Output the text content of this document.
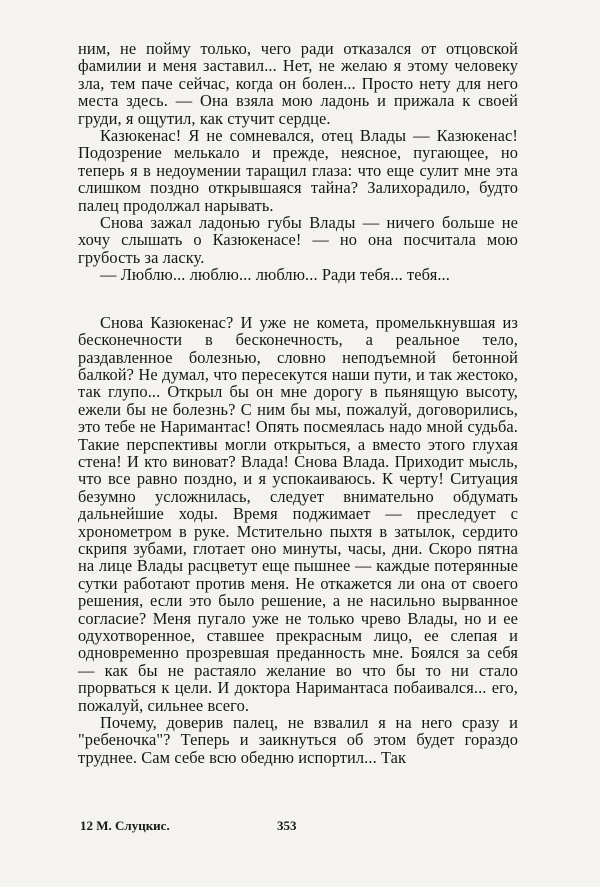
ним, не пойму только, чего ради отказался от отцовской фамилии и меня заставил... Нет, не желаю я этому человеку зла, тем паче сейчас, когда он болен... Просто нету для него места здесь. — Она взяла мою ладонь и прижала к своей груди, я ощутил, как стучит сердце.

Казюкенас! Я не сомневался, отец Влады — Казюкенас! Подозрение мелькало и прежде, неясное, пугающее, но теперь я в недоумении таращил глаза: что еще сулит мне эта слишком поздно открывшаяся тайна? Залихорадило, будто палец продолжал нарывать.

Снова зажал ладонью губы Влады — ничего больше не хочу слышать о Казюкенасе! — но она посчитала мою грубость за ласку.

— Люблю... люблю... люблю... Ради тебя... тебя...

Снова Казюкенас? И уже не комета, промелькнувшая из бесконечности в бесконечность, а реальное тело, раздавленное болезнью, словно неподъемной бетонной балкой? Не думал, что пересекутся наши пути, и так жестоко, так глупо... Открыл бы он мне дорогу в пьянящую высоту, ежели бы не болезнь? С ним бы мы, пожалуй, договорились, это тебе не Наримантас! Опять посмеялась надо мной судьба. Такие перспективы могли открыться, а вместо этого глухая стена! И кто виноват? Влада! Снова Влада. Приходит мысль, что все равно поздно, и я успокаиваюсь. К черту! Ситуация безумно усложнилась, следует внимательно обдумать дальнейшие ходы. Время поджимает — преследует с хронометром в руке. Мстительно пыхтя в затылок, сердито скрипя зубами, глотает оно минуты, часы, дни. Скоро пятна на лице Влады расцветут еще пышнее — каждые потерянные сутки работают против меня. Не откажется ли она от своего решения, если это было решение, а не насильно вырванное согласие? Меня пугало уже не только чрево Влады, но и ее одухотворенное, ставшее прекрасным лицо, ее слепая и одновременно прозревшая преданность мне. Боялся за себя — как бы не растаяло желание во что бы то ни стало прорваться к цели. И доктора Наримантаса побаивался... его, пожалуй, сильнее всего.

Почему, доверив палец, не взвалил я на него сразу и "ребеночка"? Теперь и заикнуться об этом будет гораздо труднее. Сам себе всю обедню испортил... Так

12 М. Слуцкис.	353
